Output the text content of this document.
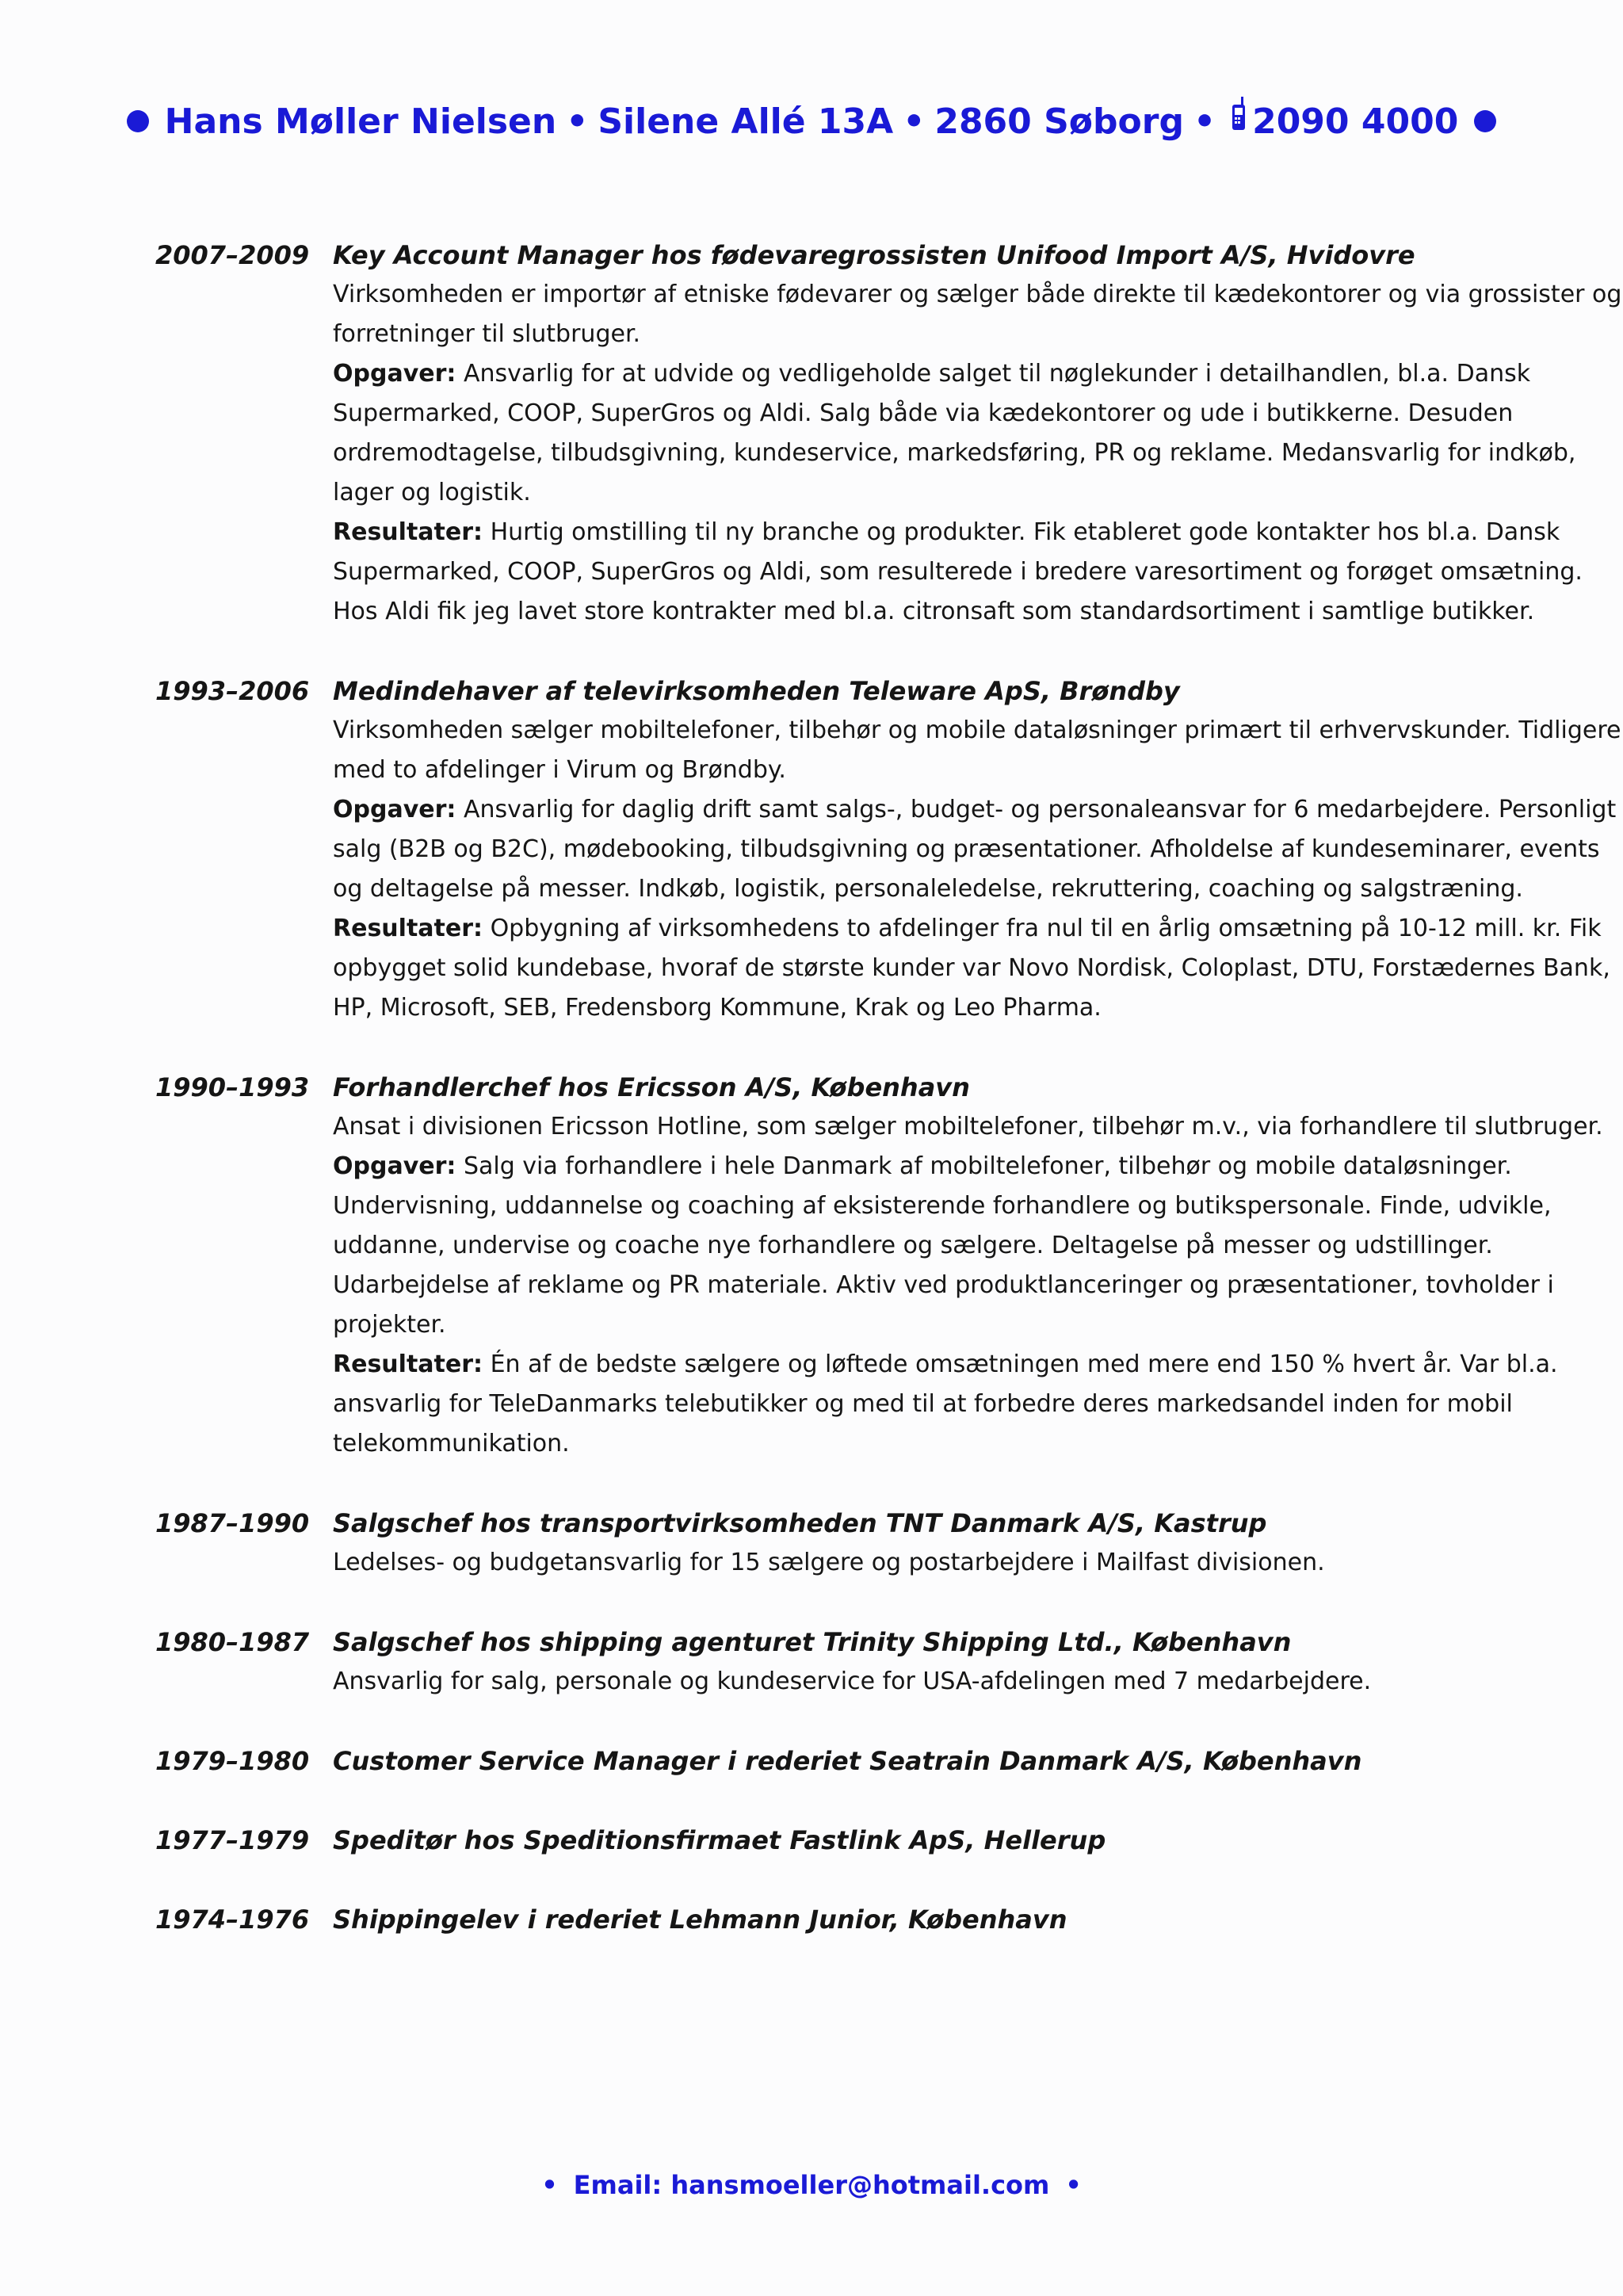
Hans Møller Nielsen • Silene Allé 13A • 2860 Søborg • 2090 4000
2007–2009 Key Account Manager hos fødevaregrossisten Unifood Import A/S, Hvidovre

Virksomheden er importør af etniske fødevarer og sælger både direkte til kædekontorer og via grossister og forretninger til slutbruger.

Opgaver: Ansvarlig for at udvide og vedligeholde salget til nøglekunder i detailhandlen, bl.a. Dansk Supermarked, COOP, SuperGros og Aldi. Salg både via kædekontorer og ude i butikkerne. Desuden ordremodtagelse, tilbudsgivning, kundeservice, markedsføring, PR og reklame. Medansvarlig for indkøb, lager og logistik.

Resultater: Hurtig omstilling til ny branche og produkter. Fik etableret gode kontakter hos bl.a. Dansk Supermarked, COOP, SuperGros og Aldi, som resulterede i bredere varesortiment og forøget omsætning. Hos Aldi fik jeg lavet store kontrakter med bl.a. citronsaft som standardsortiment i samtlige butikker.

1993–2006 Medindehaver af televirksomheden Teleware ApS, Brøndby

Virksomheden sælger mobiltelefoner, tilbehør og mobile dataløsninger primært til erhvervskunder. Tidligere med to afdelinger i Virum og Brøndby.

Opgaver: Ansvarlig for daglig drift samt salgs-, budget- og personaleansvar for 6 medarbejdere. Personligt salg (B2B og B2C), mødebooking, tilbudsgivning og præsentationer. Afholdelse af kundeseminarer, events og deltagelse på messer. Indkøb, logistik, personaleledelse, rekruttering, coaching og salgstræning.

Resultater: Opbygning af virksomhedens to afdelinger fra nul til en årlig omsætning på 10-12 mill. kr. Fik opbygget solid kundebase, hvoraf de største kunder var Novo Nordisk, Coloplast, DTU, Forstædernes Bank, HP, Microsoft, SEB, Fredensborg Kommune, Krak og Leo Pharma.

1990–1993 Forhandlerchef hos Ericsson A/S, København

Ansat i divisionen Ericsson Hotline, som sælger mobiltelefoner, tilbehør m.v., via forhandlere til slutbruger.

Opgaver: Salg via forhandlere i hele Danmark af mobiltelefoner, tilbehør og mobile dataløsninger. Undervisning, uddannelse og coaching af eksisterende forhandlere og butikspersonale. Finde, udvikle, uddanne, undervise og coache nye forhandlere og sælgere. Deltagelse på messer og udstillinger. Udarbejdelse af reklame og PR materiale. Aktiv ved produktlanceringer og præsentationer, tovholder i projekter.

Resultater: Én af de bedste sælgere og løftede omsætningen med mere end 150 % hvert år. Var bl.a. ansvarlig for TeleDanmarks telebutikker og med til at forbedre deres markedsandel inden for mobil telekommunikation.

1987–1990 Salgschef hos transportvirksomheden TNT Danmark A/S, Kastrup

Ledelses- og budgetansvarlig for 15 sælgere og postarbejdere i Mailfast divisionen.

1980–1987 Salgschef hos shipping agenturet Trinity Shipping Ltd., København

Ansvarlig for salg, personale og kundeservice for USA-afdelingen med 7 medarbejdere.

1979–1980 Customer Service Manager i rederiet Seatrain Danmark A/S, København
1977–1979 Speditør hos Speditionsfirmaet Fastlink ApS, Hellerup
1974–1976 Shippingelev i rederiet Lehmann Junior, København
• Email: hansmoeller@hotmail.com •
